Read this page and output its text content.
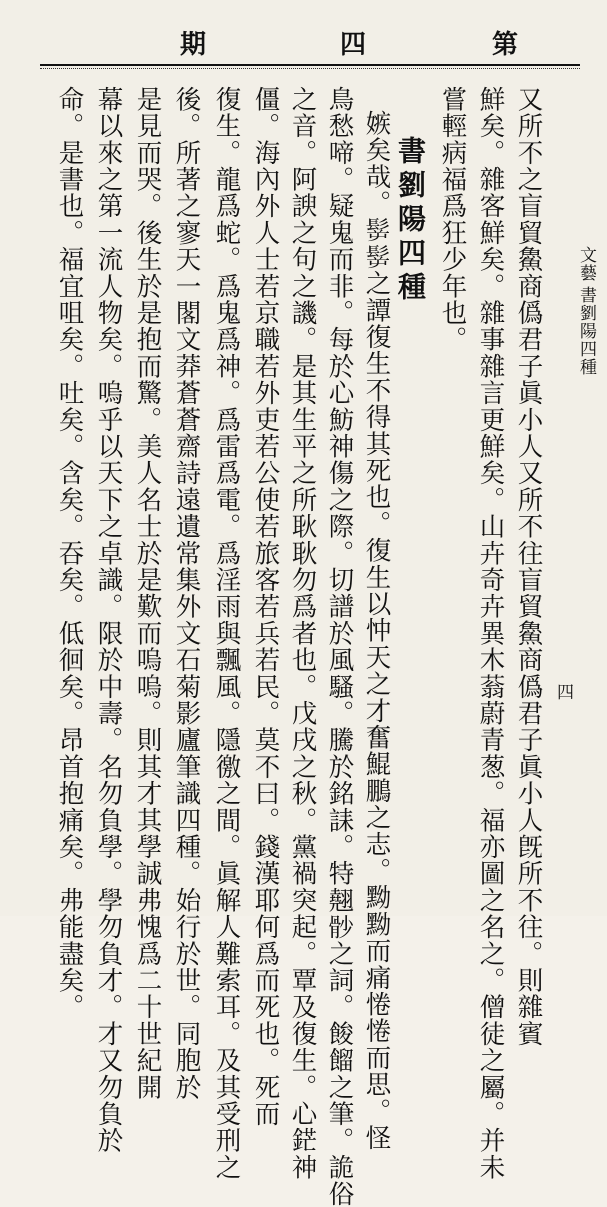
期	四	第
文藝
書劉陽四種
四
又所不之盲貿𩺰商僞君子眞小人又所不往盲貿𩺰商僞君子眞小人旣所不往。則雜賓
鮮矣。雜客鮮矣。雜事雜言更鮮矣。山卉奇卉異木蓊蔚青葱。福亦圖之名之。僧徒之屬。并未
嘗輕病福爲狂少年也。
書劉陽四種
嫉矣哉。𩬸𩬸之譚復生不得其死也。復生以忡天之才奮鯤鵬之志。黝黝而痛惓惓而思。怪
鳥愁啼。疑鬼而非。每於心魴神傷之際。切譜於風騷。騰於銘誄。特翹𩨡之詞。餕餾之筆。詭俗
之音。阿諛之句之譏。是其生平之所耿耿勿爲者也。戊戌之秋。黨禍突起。覃及復生。心鋩神
僵。海內外人士若京職若外吏若公使若旅客若兵若民。莫不曰。錢漢耶何爲而死也。死而
復生。龍爲蛇。爲鬼爲神。爲雷爲電。爲淫雨與飄風。隱徼之間。眞解人難索耳。及其受刑之
後。所著之寥天一閣文莽蒼蒼齋詩遠遺常集外文石菊影廬筆識四種。始行於世。同胞於
是見而哭。後生於是抱而驚。美人名士於是歎而嗚嗚。則其才其學誠弗愧爲二十世紀開
幕以來之第一流人物矣。嗚乎以天下之卓識。限於中壽。名勿負學。學勿負才。才又勿負於
命。是書也。福宜咀矣。吐矣。含矣。吞矣。低徊矣。昂首抱痛矣。弗能盡矣。
